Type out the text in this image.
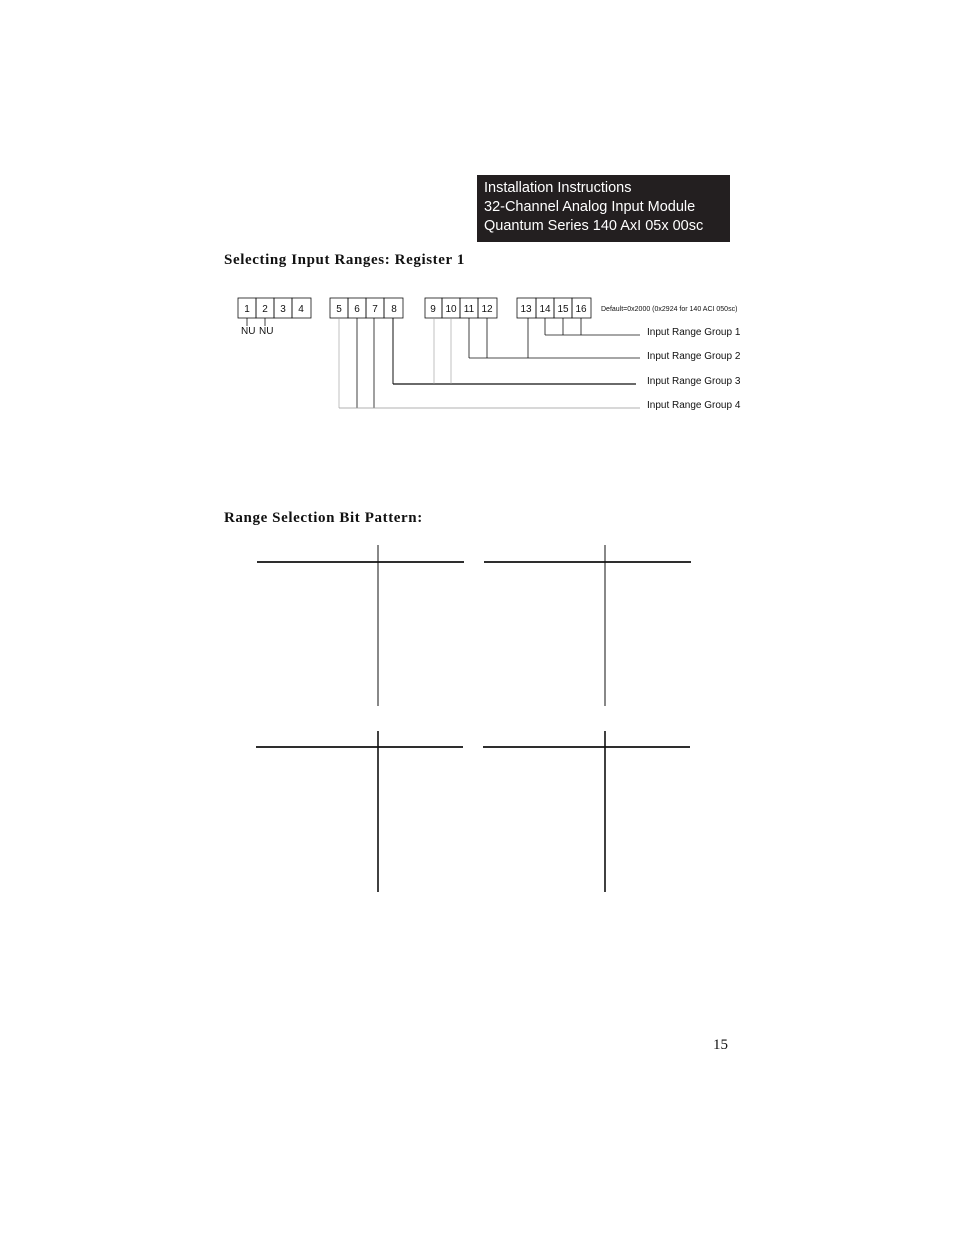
Installation Instructions
32-Channel Analog Input Module
Quantum Series 140 AxI 05x 00sc
Selecting Input Ranges: Register 1
1 2 3 4	5 6 7 8	9 10 11 12	13 14 15 16
NU NU
Default=0x2000 (0x2924 for 140 ACI 050sc)
Input Range Group 1
Input Range Group 2
Input Range Group 3
Input Range Group 4
Range Selection Bit Pattern:
15
